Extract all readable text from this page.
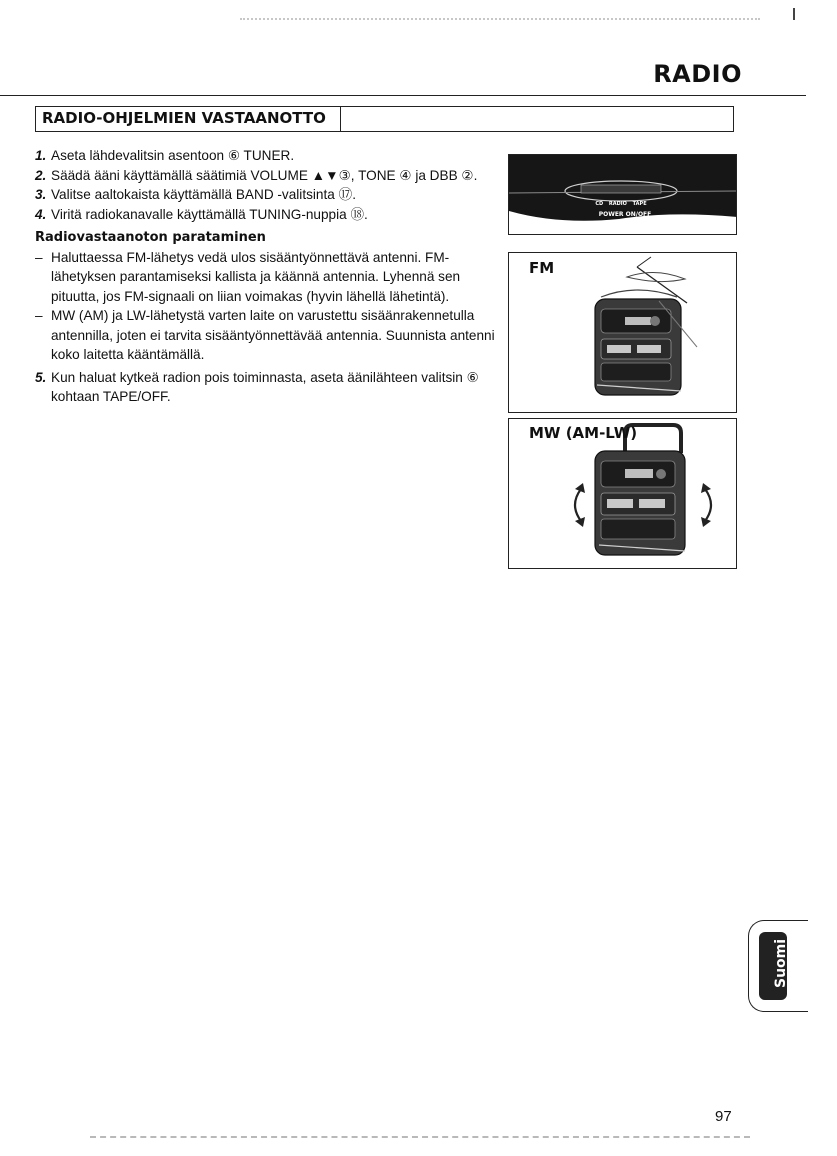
RADIO
RADIO-OHJELMIEN VASTAANOTTO
1. Aseta lähdevalitsin asentoon ⑥ TUNER.
2. Säädä ääni käyttämällä säätimiä VOLUME ▲▼③, TONE ④ ja DBB ②.
3. Valitse aaltokaista käyttämällä BAND -valitsinta ⑰.
4. Viritä radiokanavalle käyttämällä TUNING-nuppia ⑱.
Radiovastaanoton parataminen
– Haluttaessa FM-lähetys vedä ulos sisääntyönnettävä antenni. FM-lähetyksen parantamiseksi kallista ja käännä antennia. Lyhennä sen pituutta, jos FM-signaali on liian voimakas (hyvin lähellä lähetintä).
– MW (AM) ja LW-lähetystä varten laite on varustettu sisäänrakennetulla antennilla, joten ei tarvita sisääntyönnettävää antennia. Suunnista antenni koko laitetta kääntämällä.
5. Kun haluat kytkeä radion pois toiminnasta, aseta äänilähteen valitsin ⑥ kohtaan TAPE/OFF.
CD RADIO TAPE
POWER ON/OFF
FM
MW (AM-LW)
Suomi
97
